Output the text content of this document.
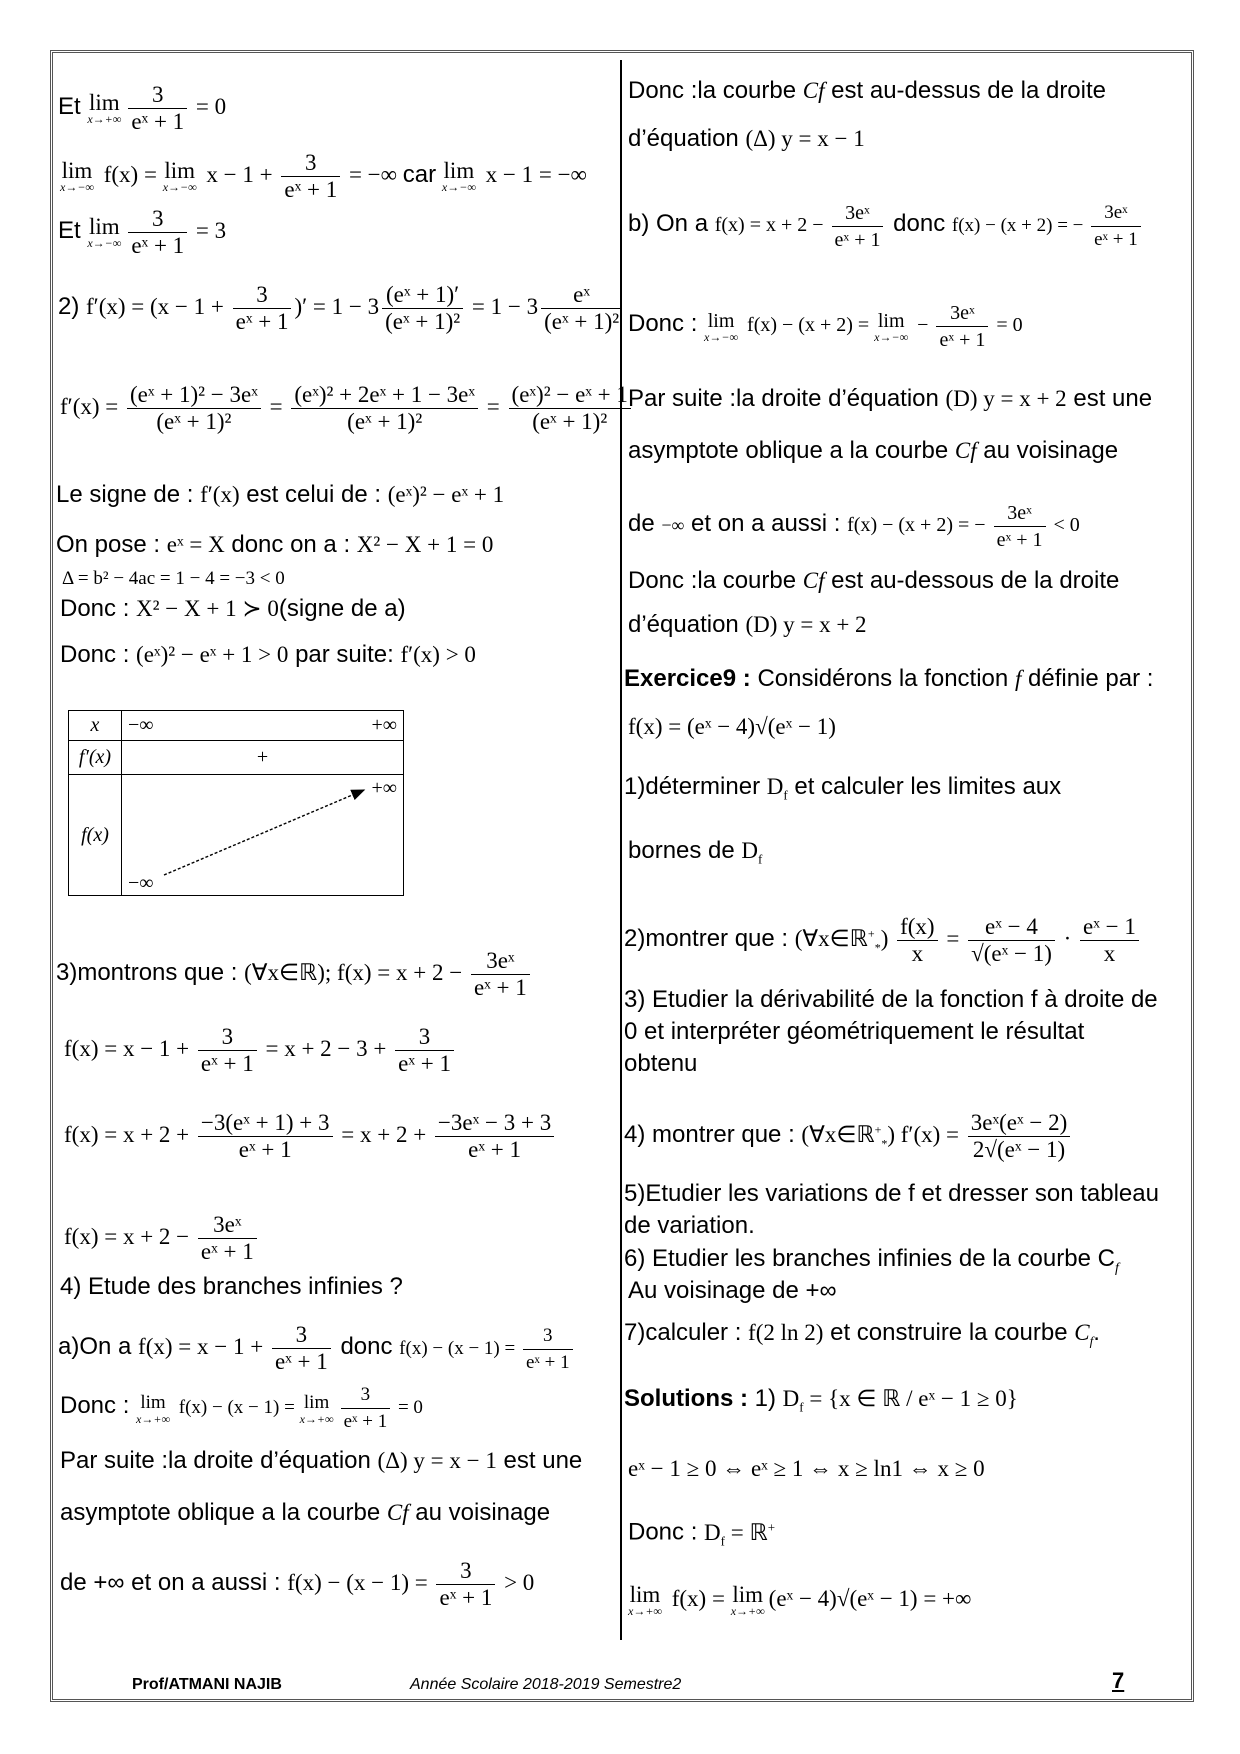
Et lim
$x\to+\infty \frac{3}{\text{eˣ + 1}} = 0$
lim
x→−∞ f(x) = lim
x→−∞ $x - 1 + \frac{3}{\text{eˣ + 1}}$ = −∞ car lim
x→−∞ x − 1 = −∞
Et lim
$x\to-\infty \frac{3}{\text{eˣ + 1}} = 3$
2) $f'(x) = (x - 1 + \frac{3}{\text{eˣ + 1}}$ )′ = $1 - 3 \frac{\text{(eˣ + 1)′}}{\text{(eˣ + 1)²}} = 1 - 3 \frac{\text{eˣ}}{\text{(eˣ + 1)²}}$
$f'(x) = \frac{\text{(eˣ + 1)² − 3eˣ}}{\text{(eˣ + 1)²}} = \frac{\text{(eˣ)² + 2eˣ + 1 − 3eˣ}}{\text{(eˣ + 1)²}} = \frac{\text{(eˣ)² − eˣ + 1}}{\text{(eˣ + 1)²}}$
Le signe de : f′(x) est celui de : (eˣ)² − eˣ + 1
On pose : eˣ = X donc on a : X² − X + 1 = 0
Δ = b² − 4ac = 1 − 4 = −3 < 0
Donc : X² − X + 1 ≻ 0(signe de a)
Donc : (eˣ)² − eˣ + 1 > 0 par suite: f′(x) > 0
x	−∞ +∞

f′(x)	+
f(x)	+∞
−∞
3)montrons que : (∀x∈ℝ); $f(x) = x + 2 - \frac{\text{3eˣ}}{\text{eˣ + 1}}$
$f(x) = x - 1 + \frac{3}{\text{eˣ + 1}} = x + 2 - 3 + \frac{3}{\text{eˣ + 1}}$
$f(x) = x + 2 + \frac{\text{−3(eˣ + 1) + 3}}{\text{eˣ + 1}} = x + 2 + \frac{\text{−3eˣ − 3 + 3}}{\text{eˣ + 1}}$
$f(x) = x + 2 - \frac{\text{3eˣ}}{\text{eˣ + 1}}$
4) Etude des branches infinies ?
a)On a $f(x) = x - 1 + \frac{3}{\text{eˣ + 1}}$ donc $f(x) - (x - 1) = \frac{3}{\text{eˣ + 1}}$
Donc : lim
x→+∞
f(x) − (x − 1) = lim
$x\to+\infty \frac{3}{\text{eˣ + 1}} = 0$
Par suite :la droite d’équation (Δ) y = x − 1 est une
asymptote oblique a la courbe Cf au voisinage
de +∞ et on a aussi : $f(x) - (x - 1) = \frac{3}{\text{eˣ + 1}} > 0$
Donc :la courbe Cf est au-dessus de la droite
d’équation (Δ) y = x − 1
b) On a $f(x) = x + 2 - \frac{\text{3eˣ}}{\text{eˣ + 1}}$ donc f(x) − (x + 2) = − $\frac{\text{3eˣ}}{\text{eˣ + 1}}$
Donc : lim
x→−∞
f(x) − (x + 2) = lim
x→−∞
− $\frac{\text{3eˣ}}{\text{eˣ + 1}} = 0$
Par suite :la droite d’équation (D) y = x + 2 est une
asymptote oblique a la courbe Cf au voisinage
de −∞ et on a aussi : f(x) − (x + 2) = − $\frac{\text{3eˣ}}{\text{eˣ + 1}} < 0$
Donc :la courbe Cf est au-dessous de la droite
d’équation (D) y = x + 2
Exercice9 : Considérons la fonction f définie par :
f(x) = (eˣ − 4)√(eˣ − 1)
1)déterminer $D_f$ et calculer les limites aux
bornes de $D_f$
2)montrer que : (∀x∈ℝ+$_*$) $\frac{f(x)}{x} = \frac{\text{eˣ − 4}}{\text{√(eˣ − 1)}} \cdot \frac{\text{eˣ − 1}}{x}$
3) Etudier la dérivabilité de la fonction f à droite de 0 et interpréter géométriquement le résultat obtenu
4) montrer que : (∀x∈ℝ+$_*$) $f'(x) = \frac{\text{3eˣ(eˣ − 2)}}{\text{2√(eˣ − 1)}}$
5)Etudier les variations de f et dresser son tableau de variation.
6) Etudier les branches infinies de la courbe $C_f$
Au voisinage de +∞
7)calculer : f(2 ln 2) et construire la courbe $C_f$.
Solutions : 1) $D_f = \{x$ ∈ ℝ / eˣ − 1 ≥ 0}
eˣ − 1 ≥ 0 ⇔ eˣ ≥ 1 ⇔ x ≥ ln1 ⇔ x ≥ 0
Donc : $D_f$ = ℝ+
lim
x→+∞ f(x) = lim
x→+∞ (eˣ − 4)√(eˣ − 1) = +∞
Prof/ATMANI NAJIB	Année Scolaire 2018-2019 Semestre2	7
